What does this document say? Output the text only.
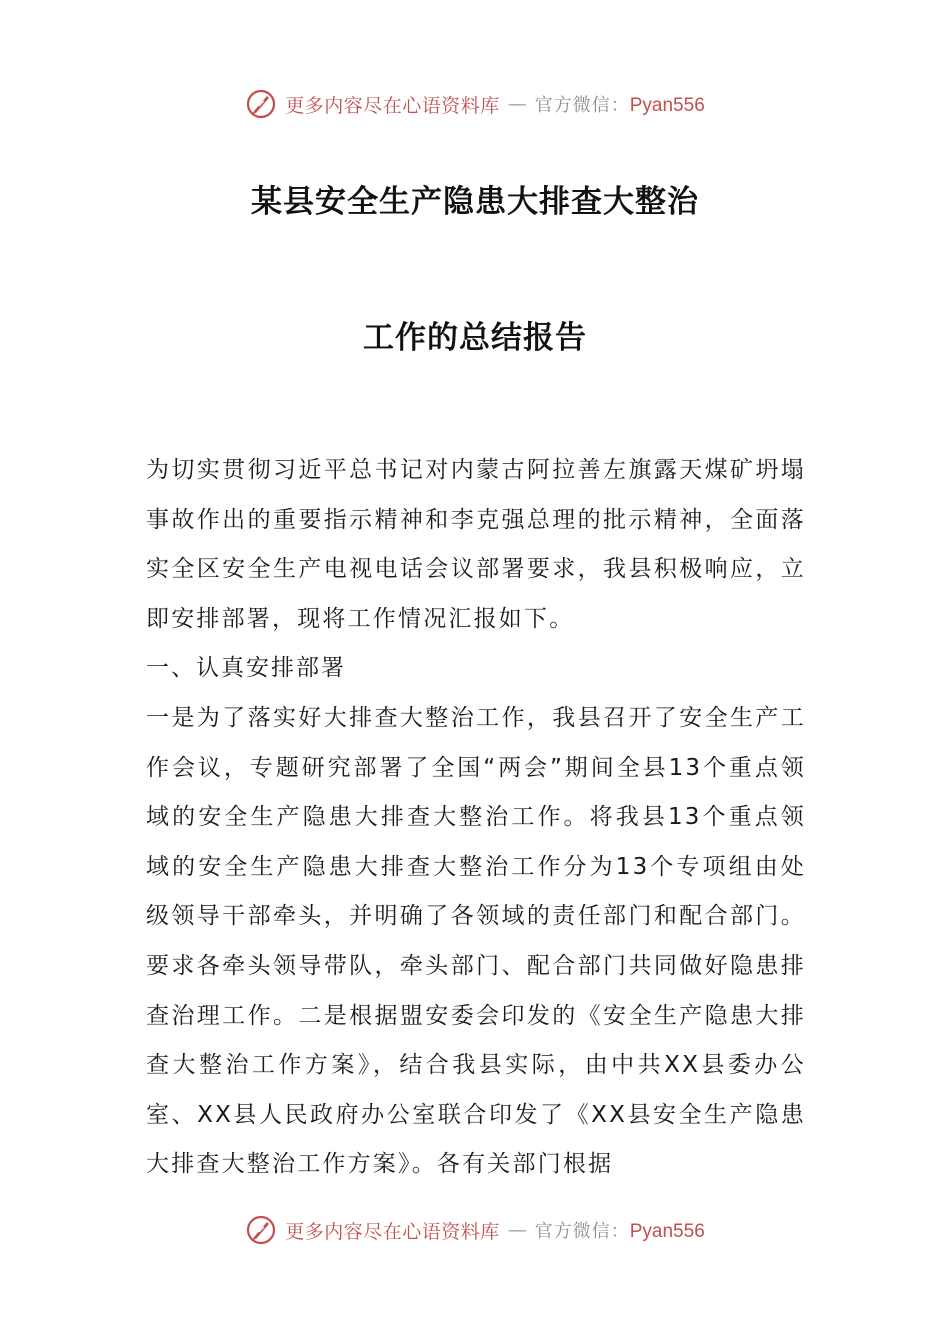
更多内容尽在心语资料库 — 官方微信：Pyan556
某县安全生产隐患大排查大整治
工作的总结报告

为切实贯彻习近平总书记对内蒙古阿拉善左旗露天煤矿坍塌事故作出的重要指示精神和李克强总理的批示精神，全面落实全区安全生产电视电话会议部署要求，我县积极响应，立即安排部署，现将工作情况汇报如下。

一、认真安排部署

一是为了落实好大排查大整治工作，我县召开了安全生产工作会议，专题研究部署了全国“两会”期间全县13个重点领域的安全生产隐患大排查大整治工作。将我县13个重点领域的安全生产隐患大排查大整治工作分为13个专项组由处级领导干部牵头，并明确了各领域的责任部门和配合部门。要求各牵头领导带队，牵头部门、配合部门共同做好隐患排查治理工作。二是根据盟安委会印发的《安全生产隐患大排查大整治工作方案》，结合我县实际，由中共XX县委办公室、XX县人民政府办公室联合印发了《XX县安全生产隐患大排查大整治工作方案》。各有关部门根据

更多内容尽在心语资料库 — 官方微信：Pyan556
